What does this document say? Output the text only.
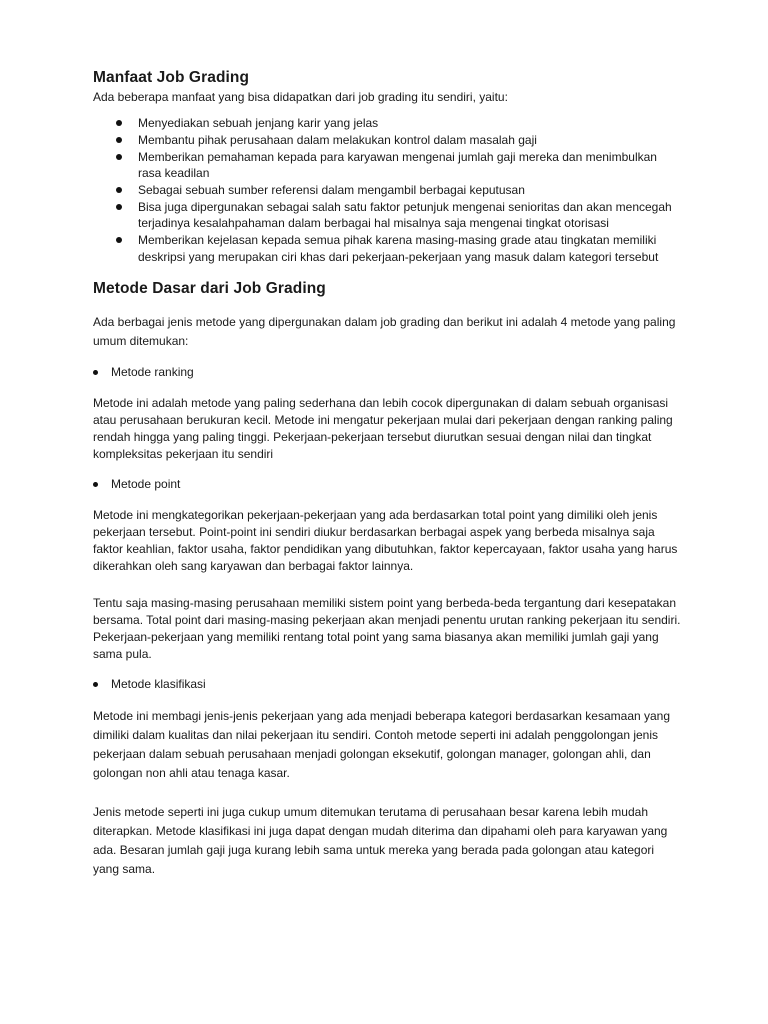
Manfaat Job Grading

Ada beberapa manfaat yang bisa didapatkan dari job grading itu sendiri, yaitu:

Menyediakan sebuah jenjang karir yang jelas
Membantu pihak perusahaan dalam melakukan kontrol dalam masalah gaji
Memberikan pemahaman kepada para karyawan mengenai jumlah gaji mereka dan menimbulkan rasa keadilan
Sebagai sebuah sumber referensi dalam mengambil berbagai keputusan
Bisa juga dipergunakan sebagai salah satu faktor petunjuk mengenai senioritas dan akan mencegah terjadinya kesalahpahaman dalam berbagai hal misalnya saja mengenai tingkat otorisasi
Memberikan kejelasan kepada semua pihak karena masing-masing grade atau tingkatan memiliki deskripsi yang merupakan ciri khas dari pekerjaan-pekerjaan yang masuk dalam kategori tersebut
Metode Dasar dari Job Grading

Ada berbagai jenis metode yang dipergunakan dalam job grading dan berikut ini adalah 4 metode yang paling umum ditemukan:

Metode ranking

Metode ini adalah metode yang paling sederhana dan lebih cocok dipergunakan di dalam sebuah organisasi atau perusahaan berukuran kecil. Metode ini mengatur pekerjaan mulai dari pekerjaan dengan ranking paling rendah hingga yang paling tinggi. Pekerjaan-pekerjaan tersebut diurutkan sesuai dengan nilai dan tingkat kompleksitas pekerjaan itu sendiri

Metode point

Metode ini mengkategorikan pekerjaan-pekerjaan yang ada berdasarkan total point yang dimiliki oleh jenis pekerjaan tersebut. Point-point ini sendiri diukur berdasarkan berbagai aspek yang berbeda misalnya saja faktor keahlian, faktor usaha, faktor pendidikan yang dibutuhkan, faktor kepercayaan, faktor usaha yang harus dikerahkan oleh sang karyawan dan berbagai faktor lainnya.

Tentu saja masing-masing perusahaan memiliki sistem point yang berbeda-beda tergantung dari kesepatakan bersama. Total point dari masing-masing pekerjaan akan menjadi penentu urutan ranking pekerjaan itu sendiri. Pekerjaan-pekerjaan yang memiliki rentang total point yang sama biasanya akan memiliki jumlah gaji yang sama pula.

Metode klasifikasi

Metode ini membagi jenis-jenis pekerjaan yang ada menjadi beberapa kategori berdasarkan kesamaan yang dimiliki dalam kualitas dan nilai pekerjaan itu sendiri. Contoh metode seperti ini adalah penggolongan jenis pekerjaan dalam sebuah perusahaan menjadi golongan eksekutif, golongan manager, golongan ahli, dan golongan non ahli atau tenaga kasar.

Jenis metode seperti ini juga cukup umum ditemukan terutama di perusahaan besar karena lebih mudah diterapkan. Metode klasifikasi ini juga dapat dengan mudah diterima dan dipahami oleh para karyawan yang ada. Besaran jumlah gaji juga kurang lebih sama untuk mereka yang berada pada golongan atau kategori yang sama.
